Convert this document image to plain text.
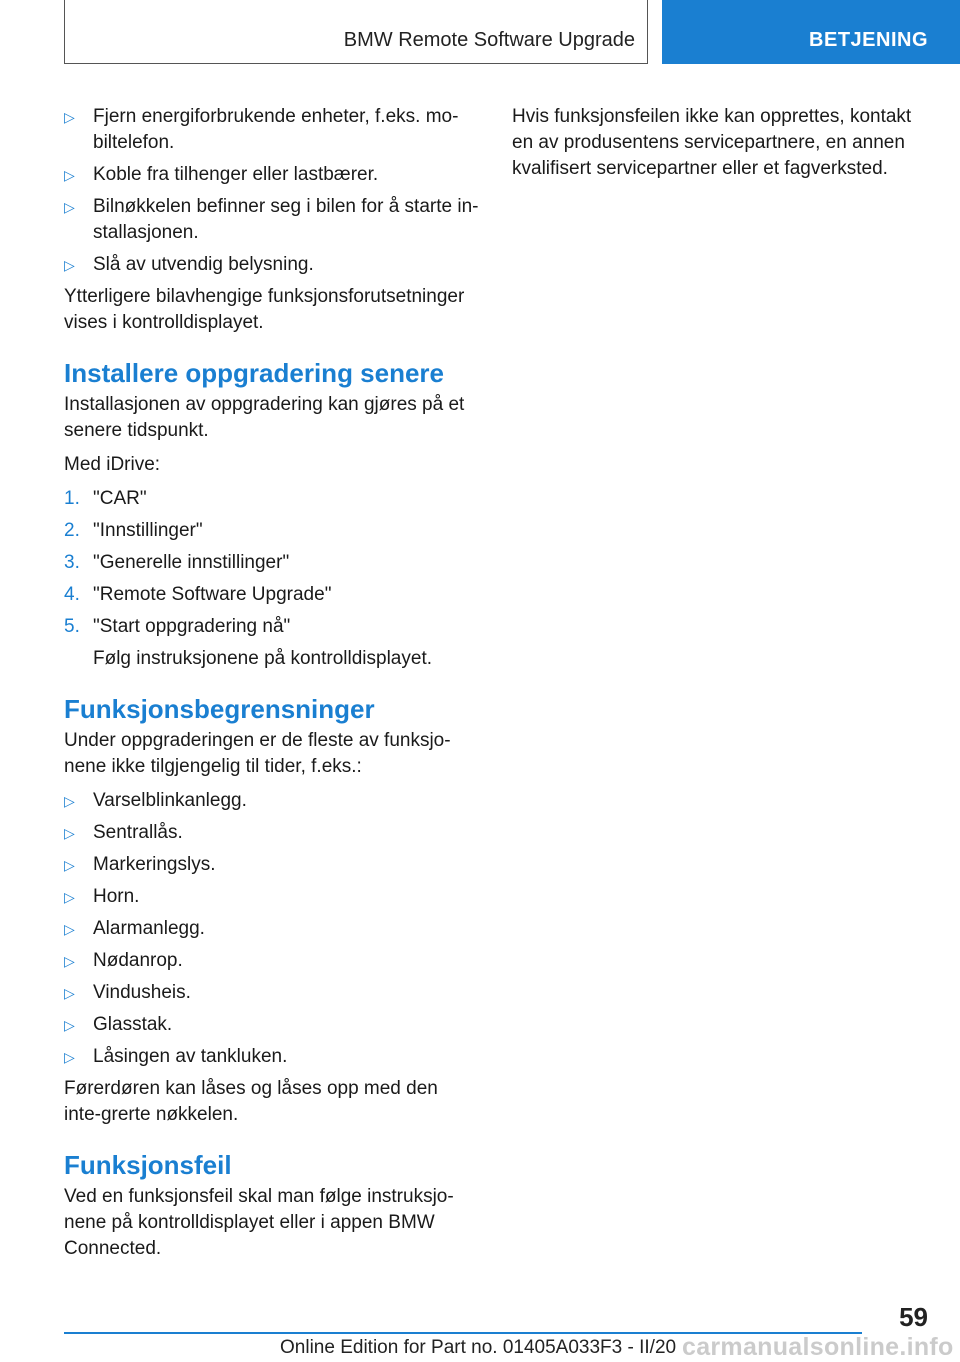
BMW Remote Software Upgrade	BETJENING
▷ Fjern energiforbrukende enheter, f.eks. mo‐biltelefon.
▷ Koble fra tilhenger eller lastbærer.
▷ Bilnøkkelen befinner seg i bilen for å starte in‐stallasjonen.
▷ Slå av utvendig belysning.

Ytterligere bilavhengige funksjonsforutsetninger vises i kontrolldisplayet.

Installere oppgradering senere

Installasjonen av oppgradering kan gjøres på et senere tidspunkt.

Med iDrive:

1. "CAR"
2. "Innstillinger"
3. "Generelle innstillinger"
4. "Remote Software Upgrade"
5. "Start oppgradering nå"
Følg instruksjonene på kontrolldisplayet.
Funksjonsbegrensninger

Under oppgraderingen er de fleste av funksjo‐nene ikke tilgjengelig til tider, f.eks.:

▷ Varselblinkanlegg.
▷ Sentrallås.
▷ Markeringslys.
▷ Horn.
▷ Alarmanlegg.
▷ Nødanrop.
▷ Vindusheis.
▷ Glasstak.
▷ Låsingen av tankluken.

Førerdøren kan låses og låses opp med den inte‐grerte nøkkelen.

Funksjonsfeil

Ved en funksjonsfeil skal man følge instruksjo‐nene på kontrolldisplayet eller i appen BMW Connected.

Hvis funksjonsfeilen ikke kan opprettes, kontakt en av produsentens servicepartnere, en annen kvalifisert servicepartner eller et fagverksted.

59
Online Edition for Part no. 01405A033F3 - II/20 carmanualsonline.info
